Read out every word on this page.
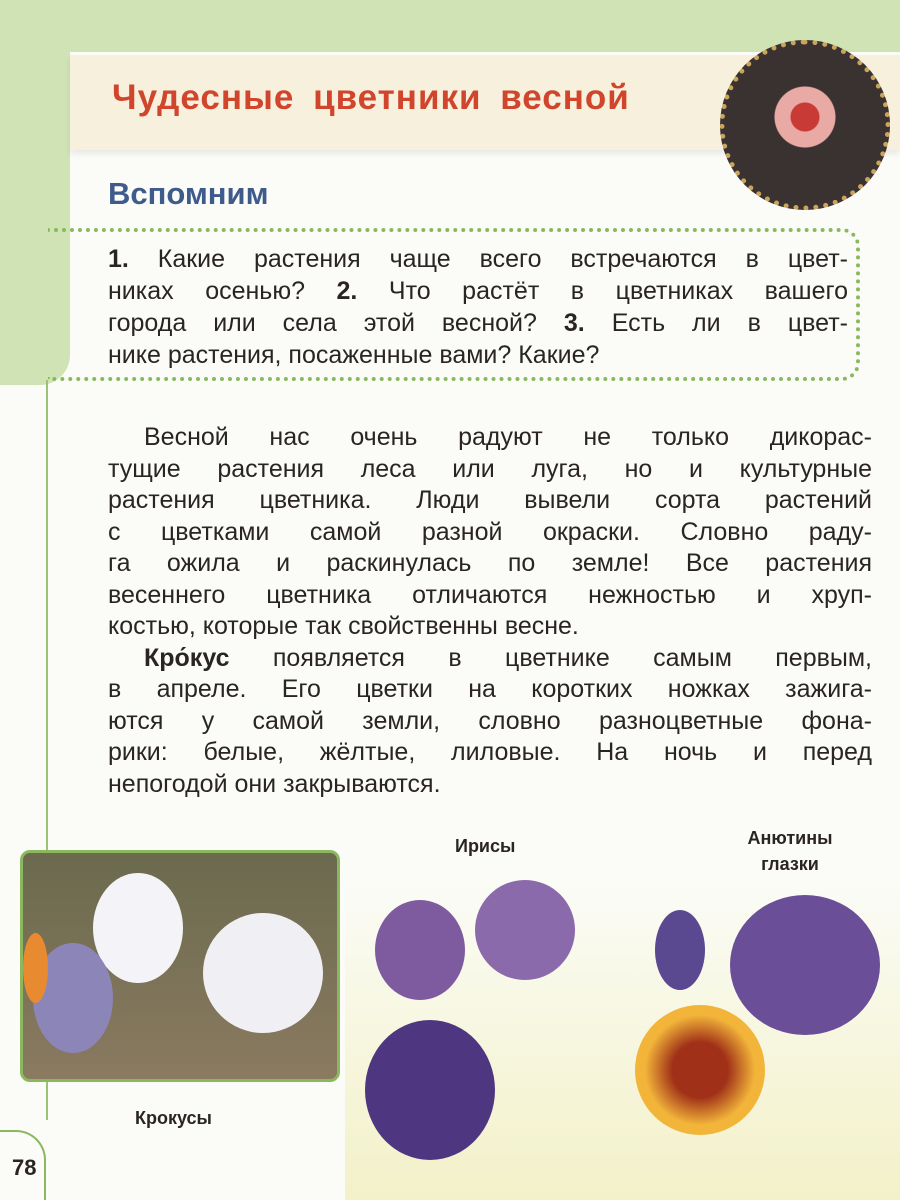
Чудесные цветники весной
Вспомним
1. Какие растения чаще всего встречаются в цвет-
никах осенью? 2. Что растёт в цветниках вашего
города или села этой весной? 3. Есть ли в цвет-
нике растения, посаженные вами? Какие?
Весной нас очень радуют не только дикорас-
тущие растения леса или луга, но и культурные
растения цветника. Люди вывели сорта растений
с цветками самой разной окраски. Словно раду-
га ожила и раскинулась по земле! Все растения
весеннего цветника отличаются нежностью и хруп-
костью, которые так свойственны весне.
Кро́кус появляется в цветнике самым первым,
в апреле. Его цветки на коротких ножках зажига-
ются у самой земли, словно разноцветные фона-
рики: белые, жёлтые, лиловые. На ночь и перед
непогодой они закрываются.
Крокусы
Ирисы	Анютины
глазки
78
